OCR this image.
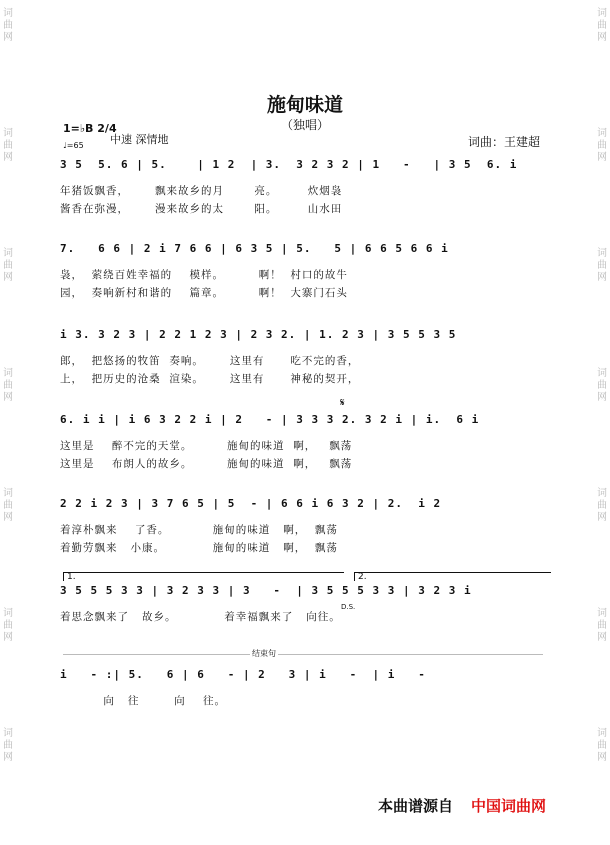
词曲网
词曲网
词曲网
词曲网
词曲网
词曲网
词曲网
词曲网
词曲网
词曲网
词曲网
词曲网
词曲网
词曲网
施甸味道
（独唱）
1=♭B 2/4
♩=65 中速 深情地	词曲：王建超
3 5  5. 6 | 5.    | 1 2  | 3.  3 2 3 2 | 1   -   | 3 5  6. i
年猪饭飘香，      飘来故乡的月       亮。       炊烟袅
酱香在弥漫，      漫来故乡的太       阳。       山水田
7.   6 6 | 2 i 7 6 6 | 6 3 5 | 5.   5 | 6 6 5 6 6 i
袅，  萦绕百姓幸福的    模样。        啊！  村口的故牛
园，  奏响新村和谐的    篇章。        啊！  大寨门石头
i 3. 3 2 3 | 2 2 1 2 3 | 2 3 2. | 1. 2 3 | 3 5 5 3 5
郎，  把悠扬的牧笛  奏响。      这里有      吃不完的香，
上，  把历史的沧桑  渲染。      这里有      神秘的契开，
𝄋
6. i i | i 6 3 2 2 i | 2   - | 3 3 3 2. 3 2 i | i.  6 i
这里是    醉不完的天堂。        施甸的味道  啊，   飘荡
这里是    布朗人的故乡。        施甸的味道  啊，   飘荡
2 2 i 2 3 | 3 7 6 5 | 5  - | 6 6 i 6 3 2 | 2.  i 2
着淳朴飘来    了香。          施甸的味道   啊，  飘荡
着勤劳飘来   小康。           施甸的味道   啊，  飘荡
1.	2.
3 5 5 5 3 3 | 3 2 3 3 | 3   -  | 3 5 5 5 3 3 | 3 2 3 i
着思念飘来了   故乡。           着幸福飘来了   向往。
D.S.
结束句
i   - :| 5.   6 | 6   - | 2   3 | i   -  | i   -
向   往        向    往。
本曲谱源自 中国词曲网
